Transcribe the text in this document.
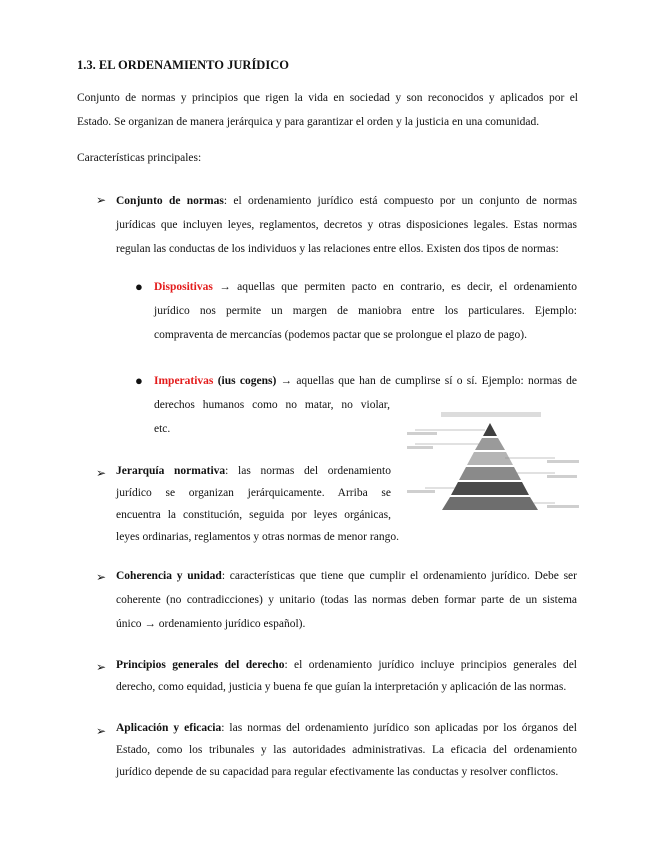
1.3. EL ORDENAMIENTO JURÍDICO
Conjunto de normas y principios que rigen la vida en sociedad y son reconocidos y aplicados por el
Estado. Se organizan de manera jerárquica y para garantizar el orden y la justicia en una comunidad.
Características principales:
➢ Conjunto de normas: el ordenamiento jurídico está compuesto por un conjunto de normas
jurídicas que incluyen leyes, reglamentos, decretos y otras disposiciones legales. Estas normas
regulan las conductas de los individuos y las relaciones entre ellos. Existen dos tipos de normas:
● Dispositivas → aquellas que permiten pacto en contrario, es decir, el ordenamiento
jurídico nos permite un margen de maniobra entre los particulares. Ejemplo:
compraventa de mercancías (podemos pactar que se prolongue el plazo de pago).
● Imperativas (ius cogens) → aquellas que han de cumplirse sí o sí. Ejemplo: normas de
derechos humanos como no matar, no violar,
etc.
➢ Jerarquía normativa: las normas del ordenamiento
jurídico se organizan jerárquicamente. Arriba se
encuentra la constitución, seguida por leyes orgánicas,
leyes ordinarias, reglamentos y otras normas de menor rango.
➢ Coherencia y unidad: características que tiene que cumplir el ordenamiento jurídico. Debe ser
coherente (no contradicciones) y unitario (todas las normas deben formar parte de un sistema
único → ordenamiento jurídico español).
➢ Principios generales del derecho: el ordenamiento jurídico incluye principios generales del
derecho, como equidad, justicia y buena fe que guían la interpretación y aplicación de las normas.
➢ Aplicación y eficacia: las normas del ordenamiento jurídico son aplicadas por los órganos del
Estado, como los tribunales y las autoridades administrativas. La eficacia del ordenamiento
jurídico depende de su capacidad para regular efectivamente las conductas y resolver conflictos.
